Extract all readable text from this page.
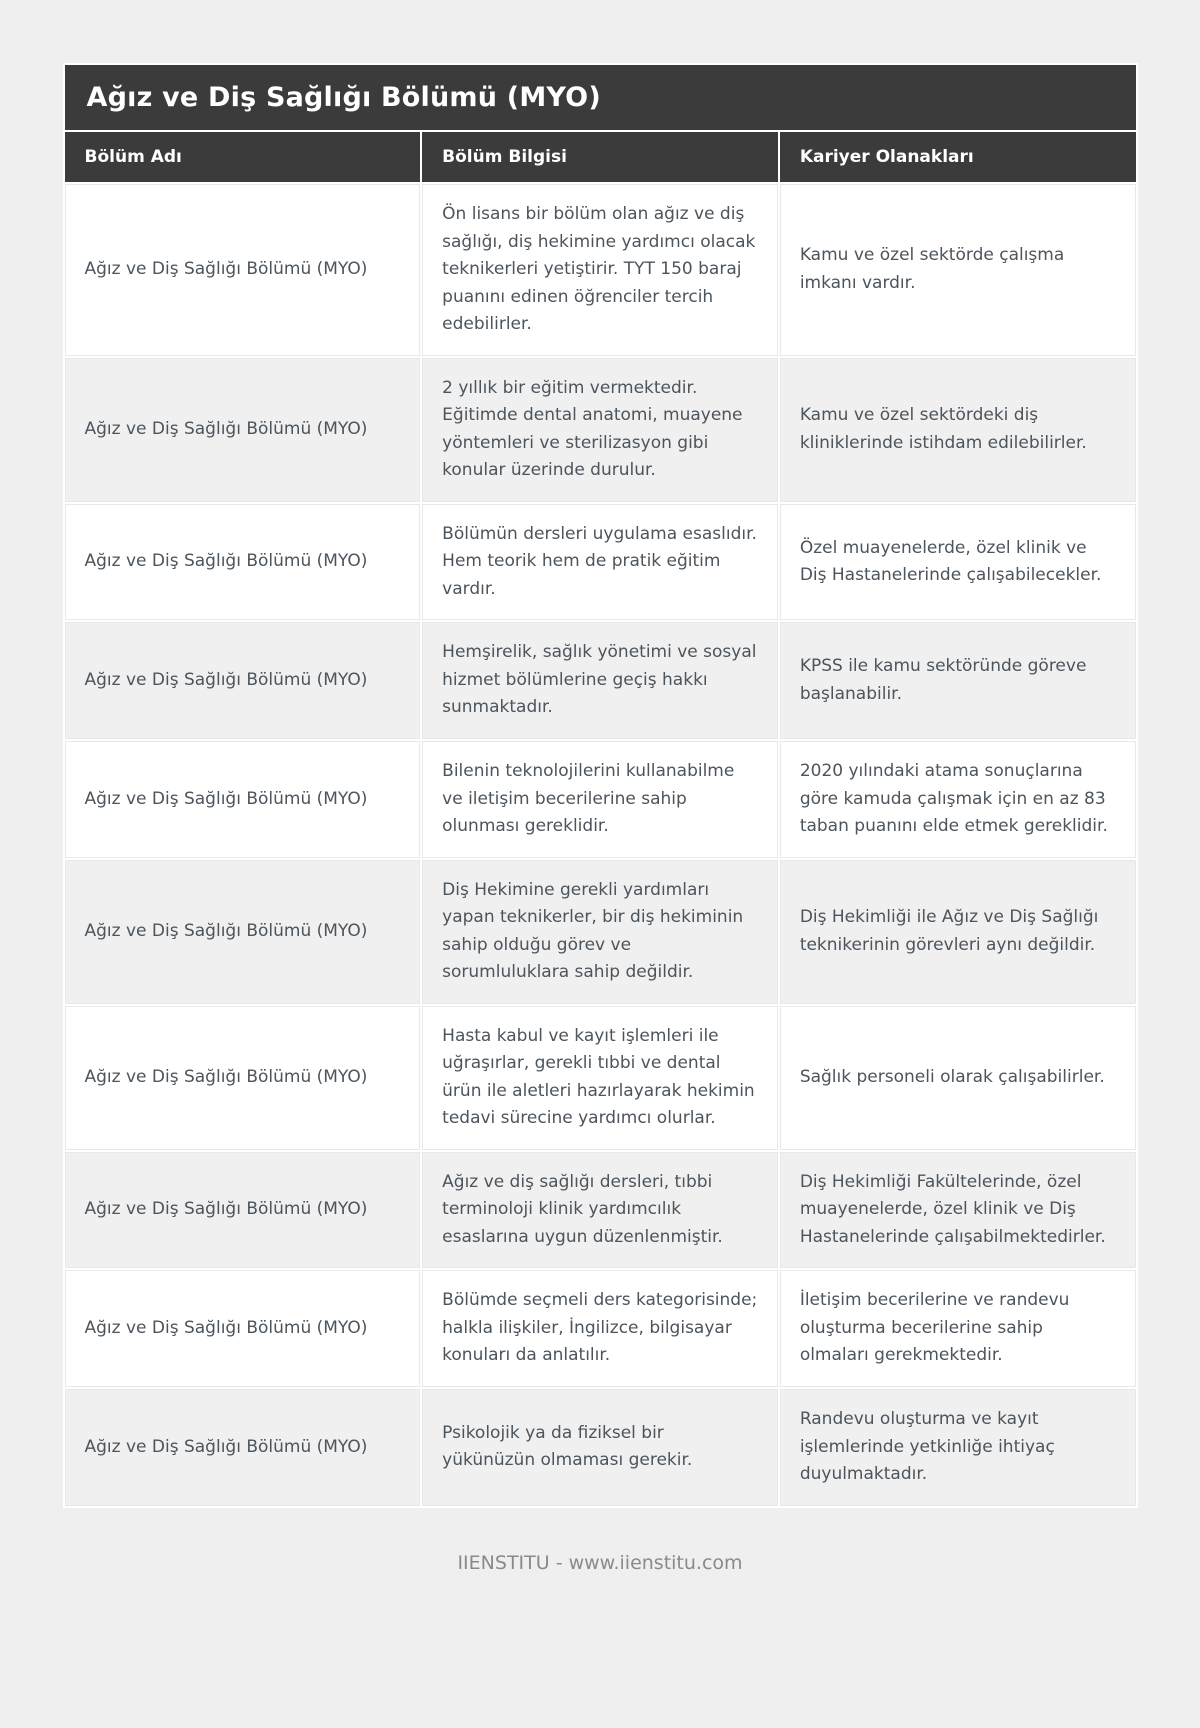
Ağız ve Diş Sağlığı Bölümü (MYO)		
Bölüm Adı	Bölüm Bilgisi	Kariyer Olanakları
Ağız ve Diş Sağlığı Bölümü (MYO)	Ön lisans bir bölüm olan ağız ve diş sağlığı, diş hekimine yardımcı olacak teknikerleri yetiştirir. TYT 150 baraj puanını edinen öğrenciler tercih edebilirler.	Kamu ve özel sektörde çalışma imkanı vardır.
Ağız ve Diş Sağlığı Bölümü (MYO)	2 yıllık bir eğitim vermektedir. Eğitimde dental anatomi, muayene yöntemleri ve sterilizasyon gibi konular üzerinde durulur.	Kamu ve özel sektördeki diş kliniklerinde istihdam edilebilirler.
Ağız ve Diş Sağlığı Bölümü (MYO)	Bölümün dersleri uygulama esaslıdır. Hem teorik hem de pratik eğitim vardır.	Özel muayenelerde, özel klinik ve Diş Hastanelerinde çalışabilecekler.
Ağız ve Diş Sağlığı Bölümü (MYO)	Hemşirelik, sağlık yönetimi ve sosyal hizmet bölümlerine geçiş hakkı sunmaktadır.	KPSS ile kamu sektöründe göreve başlanabilir.
Ağız ve Diş Sağlığı Bölümü (MYO)	Bilenin teknolojilerini kullanabilme ve iletişim becerilerine sahip olunması gereklidir.	2020 yılındaki atama sonuçlarına göre kamuda çalışmak için en az 83 taban puanını elde etmek gereklidir.
Ağız ve Diş Sağlığı Bölümü (MYO)	Diş Hekimine gerekli yardımları yapan teknikerler, bir diş hekiminin sahip olduğu görev ve sorumluluklara sahip değildir.	Diş Hekimliği ile Ağız ve Diş Sağlığı teknikerinin görevleri aynı değildir.
Ağız ve Diş Sağlığı Bölümü (MYO)	Hasta kabul ve kayıt işlemleri ile uğraşırlar, gerekli tıbbi ve dental ürün ile aletleri hazırlayarak hekimin tedavi sürecine yardımcı olurlar.	Sağlık personeli olarak çalışabilirler.
Ağız ve Diş Sağlığı Bölümü (MYO)	Ağız ve diş sağlığı dersleri, tıbbi terminoloji klinik yardımcılık esaslarına uygun düzenlenmiştir.	Diş Hekimliği Fakültelerinde, özel muayenelerde, özel klinik ve Diş Hastanelerinde çalışabilmektedirler.
Ağız ve Diş Sağlığı Bölümü (MYO)	Bölümde seçmeli ders kategorisinde; halkla ilişkiler, İngilizce, bilgisayar konuları da anlatılır.	İletişim becerilerine ve randevu oluşturma becerilerine sahip olmaları gerekmektedir.
Ağız ve Diş Sağlığı Bölümü (MYO)	Psikolojik ya da fiziksel bir yükünüzün olmaması gerekir.	Randevu oluşturma ve kayıt işlemlerinde yetkinliğe ihtiyaç duyulmaktadır.
IIENSTITU - www.iienstitu.com
